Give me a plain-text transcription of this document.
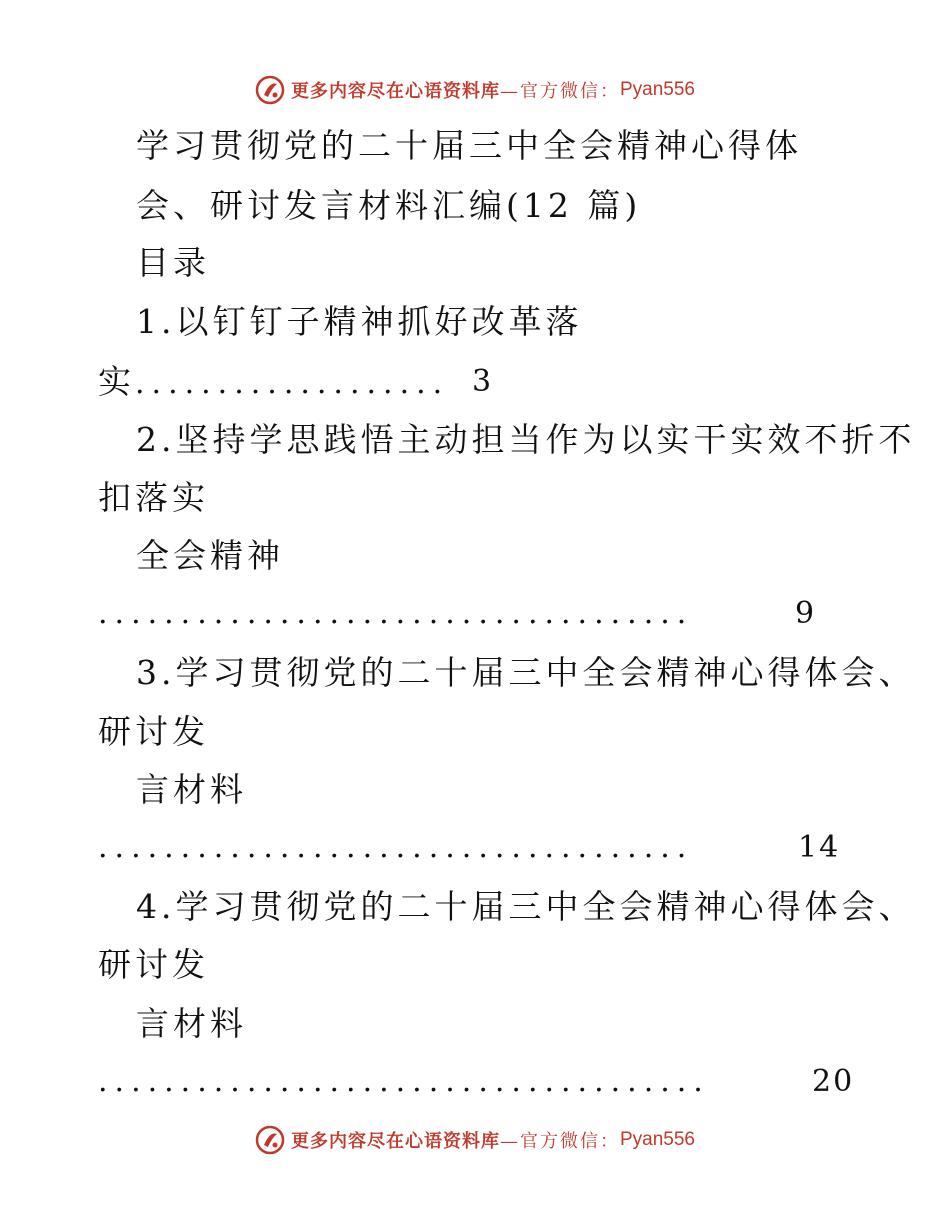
更多内容尽在心语资料库 —官方微信： Pyan556
学习贯彻党的二十届三中全会精神心得体
会、研讨发言材料汇编(12 篇)
目录
1.以钉钉子精神抓好改革落
实................... 3
2.坚持学思践悟主动担当作为以实干实效不折不
扣落实
全会精神
....................................	9
3.学习贯彻党的二十届三中全会精神心得体会、
研讨发
言材料
....................................	14
4.学习贯彻党的二十届三中全会精神心得体会、
研讨发
言材料
.....................................	20
更多内容尽在心语资料库 —官方微信： Pyan556
